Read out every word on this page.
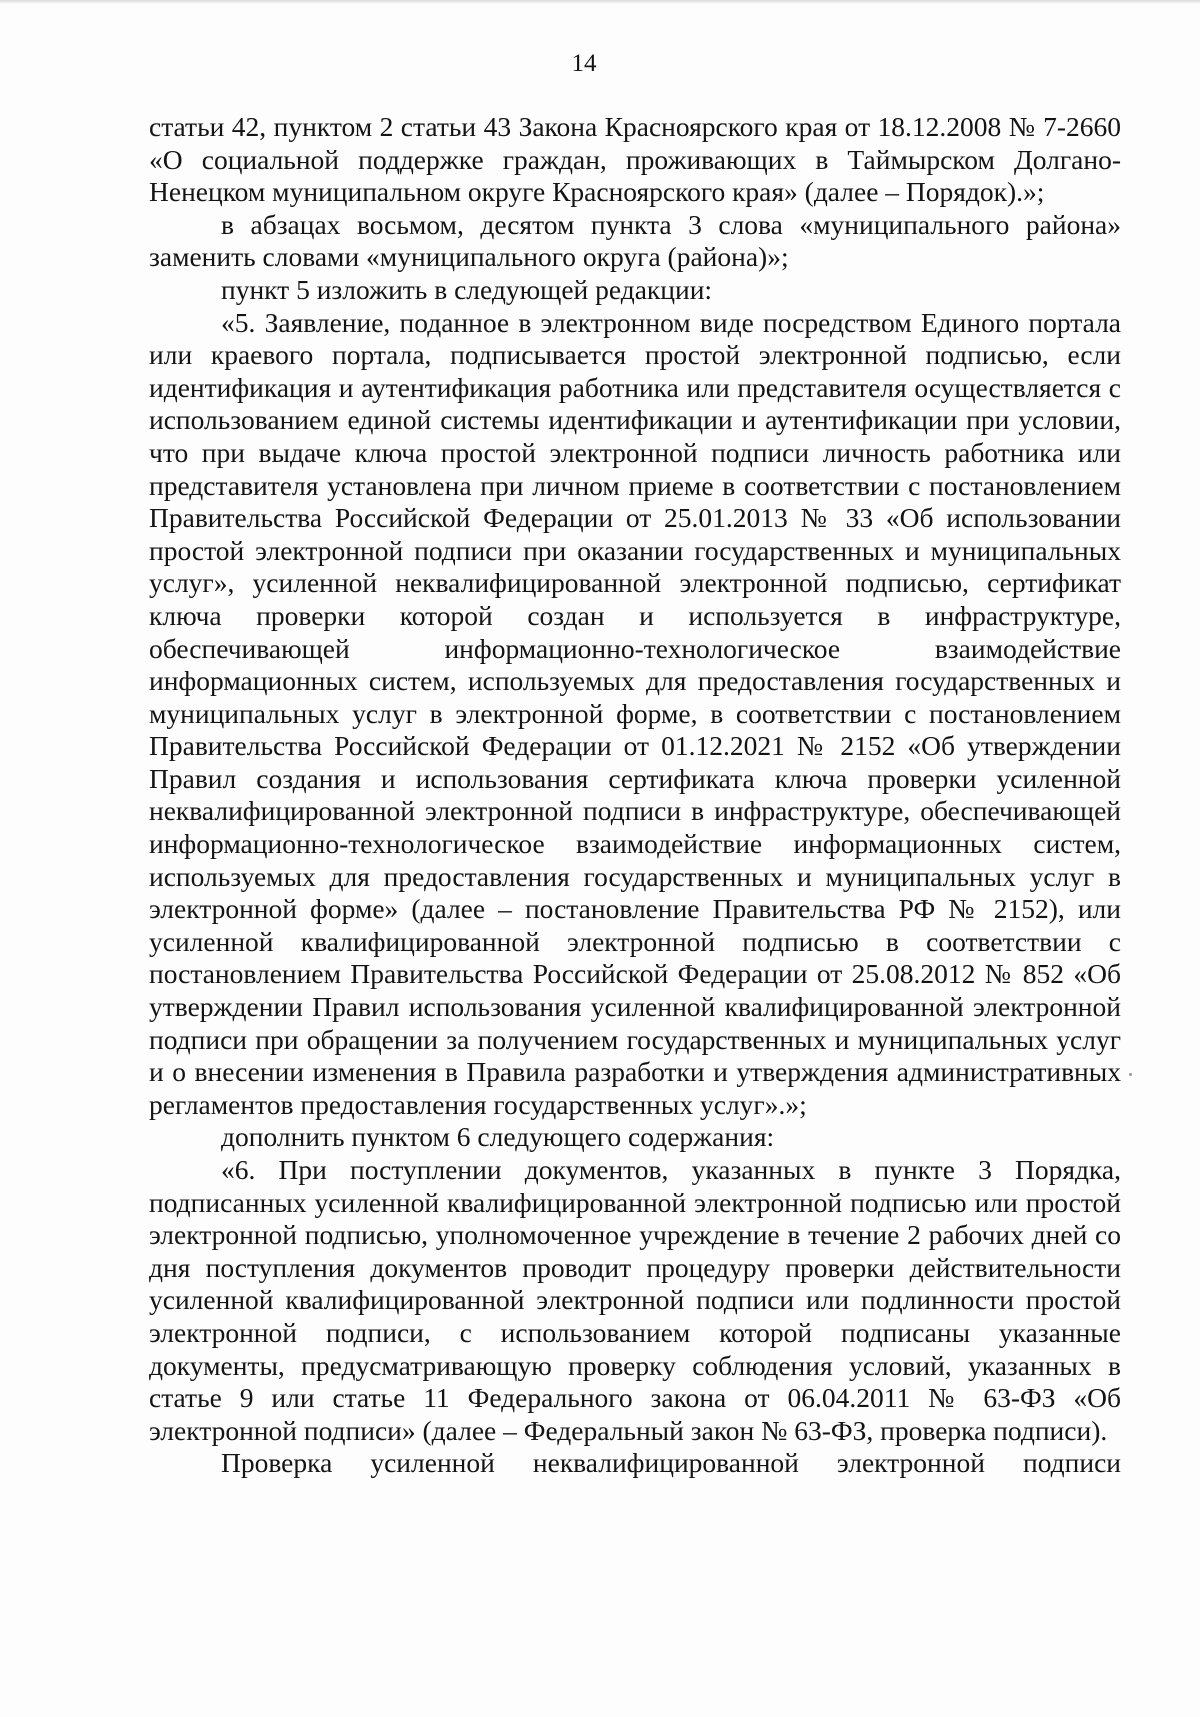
14

статьи 42, пунктом 2 статьи 43 Закона Красноярского края от 18.12.2008 № 7-2660 «О социальной поддержке граждан, проживающих в Таймырском Долгано-Ненецком муниципальном округе Красноярского края» (далее – Порядок).»;

в абзацах восьмом, десятом пункта 3 слова «муниципального района» заменить словами «муниципального округа (района)»;

пункт 5 изложить в следующей редакции:

«5. Заявление, поданное в электронном виде посредством Единого портала или краевого портала, подписывается простой электронной подписью, если идентификация и аутентификация работника или представителя осуществляется с использованием единой системы идентификации и аутентификации при условии, что при выдаче ключа простой электронной подписи личность работника или представителя установлена при личном приеме в соответствии с постановлением Правительства Российской Федерации от 25.01.2013 № 33 «Об использовании простой электронной подписи при оказании государственных и муниципальных услуг», усиленной неквалифицированной электронной подписью, сертификат ключа проверки которой создан и используется в инфраструктуре, обеспечивающей информационно-технологическое взаимодействие информационных систем, используемых для предоставления государственных и муниципальных услуг в электронной форме, в соответствии с постановлением Правительства Российской Федерации от 01.12.2021 № 2152 «Об утверждении Правил создания и использования сертификата ключа проверки усиленной неквалифицированной электронной подписи в инфраструктуре, обеспечивающей информационно-технологическое взаимодействие информационных систем, используемых для предоставления государственных и муниципальных услуг в электронной форме» (далее – постановление Правительства РФ № 2152), или усиленной квалифицированной электронной подписью в соответствии с постановлением Правительства Российской Федерации от 25.08.2012 № 852 «Об утверждении Правил использования усиленной квалифицированной электронной подписи при обращении за получением государственных и муниципальных услуг и о внесении изменения в Правила разработки и утверждения административных регламентов предоставления государственных услуг».»;

дополнить пунктом 6 следующего содержания:

«6. При поступлении документов, указанных в пункте 3 Порядка, подписанных усиленной квалифицированной электронной подписью или простой электронной подписью, уполномоченное учреждение в течение 2 рабочих дней со дня поступления документов проводит процедуру проверки действительности усиленной квалифицированной электронной подписи или подлинности простой электронной подписи, с использованием которой подписаны указанные документы, предусматривающую проверку соблюдения условий, указанных в статье 9 или статье 11 Федерального закона от 06.04.2011 № 63-ФЗ «Об электронной подписи» (далее – Федеральный закон № 63-ФЗ, проверка подписи).

Проверка усиленной неквалифицированной электронной подписи
